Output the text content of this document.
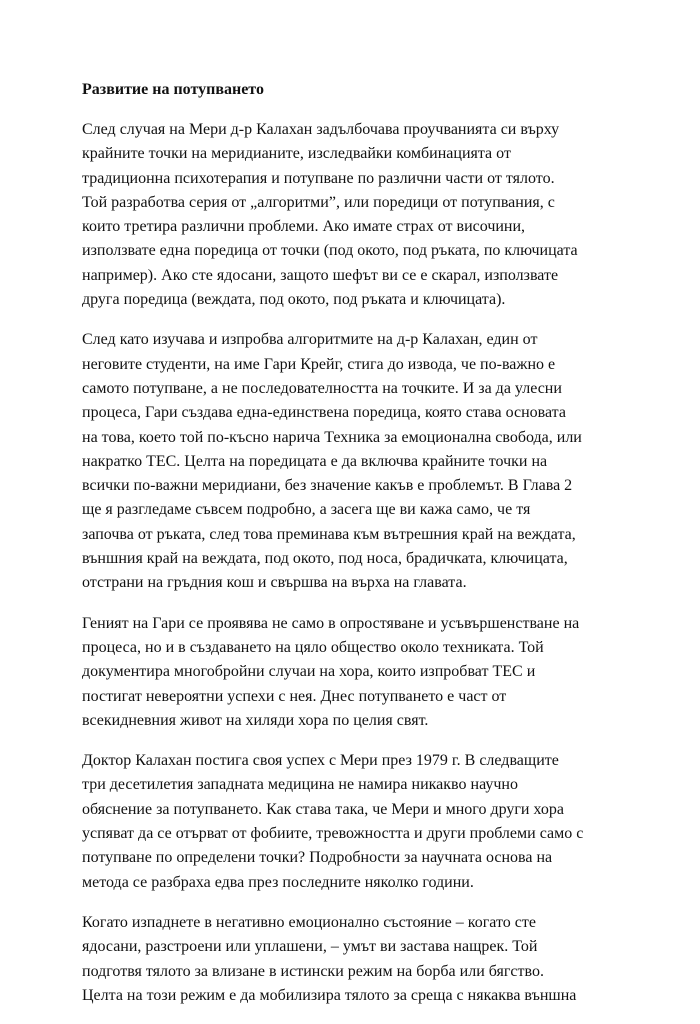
Развитие на потупването
След случая на Мери д-р Калахан задълбочава проучванията си върху
крайните точки на меридианите, изследвайки комбинацията от
традиционна психотерапия и потупване по различни части от тялото.
Той разработва серия от „алгоритми”, или поредици от потупвания, с
които третира различни проблеми. Ако имате страх от височини,
използвате една поредица от точки (под окото, под ръката, по ключицата
например). Ако сте ядосани, защото шефът ви се е скарал, използвате
друга поредица (веждата, под окото, под ръката и ключицата).
След като изучава и изпробва алгоритмите на д-р Калахан, един от
неговите студенти, на име Гари Крейг, стига до извода, че по-важно е
самото потупване, а не последователността на точките. И за да улесни
процеса, Гари създава една-единствена поредица, която става основата
на това, което той по-късно нарича Техника за емоционална свобода, или
накратко ТЕС. Целта на поредицата е да включва крайните точки на
всички по-важни меридиани, без значение какъв е проблемът. В Глава 2
ще я разгледаме съвсем подробно, а засега ще ви кажа само, че тя
започва от ръката, след това преминава към вътрешния край на веждата,
външния край на веждата, под окото, под носа, брадичката, ключицата,
отстрани на гръдния кош и свършва на върха на главата.
Геният на Гари се проявява не само в опростяване и усъвършенстване на
процеса, но и в създаването на цяло общество около техниката. Той
документира многобройни случаи на хора, които изпробват ТЕС и
постигат невероятни успехи с нея. Днес потупването е част от
всекидневния живот на хиляди хора по целия свят.
Доктор Калахан постига своя успех с Мери през 1979 г. В следващите
три десетилетия западната медицина не намира никакво научно
обяснение за потупването. Как става така, че Мери и много други хора
успяват да се отърват от фобиите, тревожността и други проблеми само с
потупване по определени точки? Подробности за научната основа на
метода се разбраха едва през последните няколко години.
Когато изпаднете в негативно емоционално състояние – когато сте
ядосани, разстроени или уплашени, – умът ви застава нащрек. Той
подготвя тялото за влизане в истински режим на борба или бягство.
Целта на този режим е да мобилизира тялото за среща с някаква външна
